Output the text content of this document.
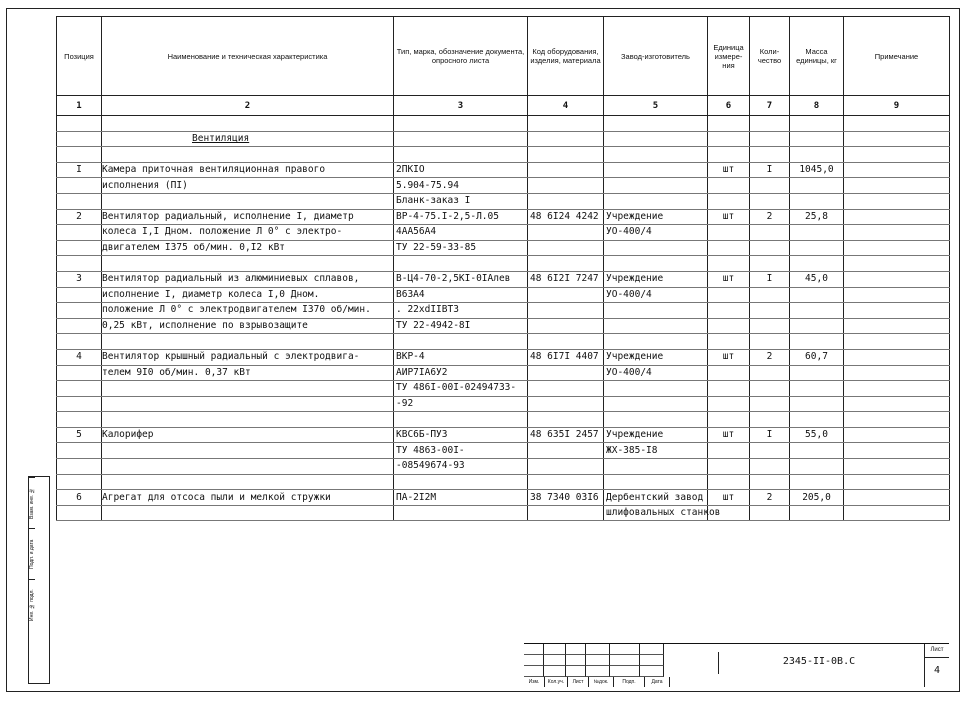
Взам. инв. №
Подп. и дата
Инв. № подл.
Позиция	Наименование и техническая характеристика	Тип, марка, обозначение документа, опросного листа	Код оборудования, изделия, материала	Завод-изготовитель	Единица измере-ния	Коли-чество	Масса единицы, кг	Примечание
1	2	3	4	5	6	7	8	9

	Вентиляция							

I	Камера приточная вентиляционная правого	2ПКIO			шт	I	1045,0	
	исполнения (ПI)	5.904-75.94						
		Бланк-заказ I						
2	Вентилятор радиальный, исполнение I, диаметр	ВР-4-75.I-2,5-Л.05	48 6I24 4242	Учреждение	шт	2	25,8	
	колеса I,I Дном. положение Л 0° с электро-	4АА56А4		УО-400/4				
	двигателем I375 об/мин. 0,I2 кВт	ТУ 22-59-33-85						

3	Вентилятор радиальный из алюминиевых сплавов,	В-Ц4-70-2,5КI-0IАлев	48 6I2I 7247	Учреждение	шт	I	45,0	
	исполнение I, диаметр колеса I,0 Дном.	В63А4		УО-400/4				
	положение Л 0° с электродвигателем I370 об/мин.	. 22хdIIВТ3						
	0,25 кВт, исполнение по взрывозащите	ТУ 22-4942-8I						

4	Вентилятор крышный радиальный с электродвига-	ВКР-4	48 6I7I 4407	Учреждение	шт	2	60,7	
	телем 9I0 об/мин. 0,37 кВт	АИР7IА6У2		УО-400/4				
		ТУ 486I-00I-02494733-						
		-92						

5	Калорифер	КВС6Б-ПУ3	48 635I 2457	Учреждение	шт	I	55,0	
		ТУ 4863-00I-		ЖХ-385-I8				
		-08549674-93						

6	Агрегат для отсоса пыли и мелкой стружки	ПА-2I2М	38 7340 03I6	Дербентский завод	шт	2	205,0	
				шлифовальных станков				
Изм.	Кол.уч.	Лист	№док.	Подп.	Дата
2345-II-0В.С
Лист
4
